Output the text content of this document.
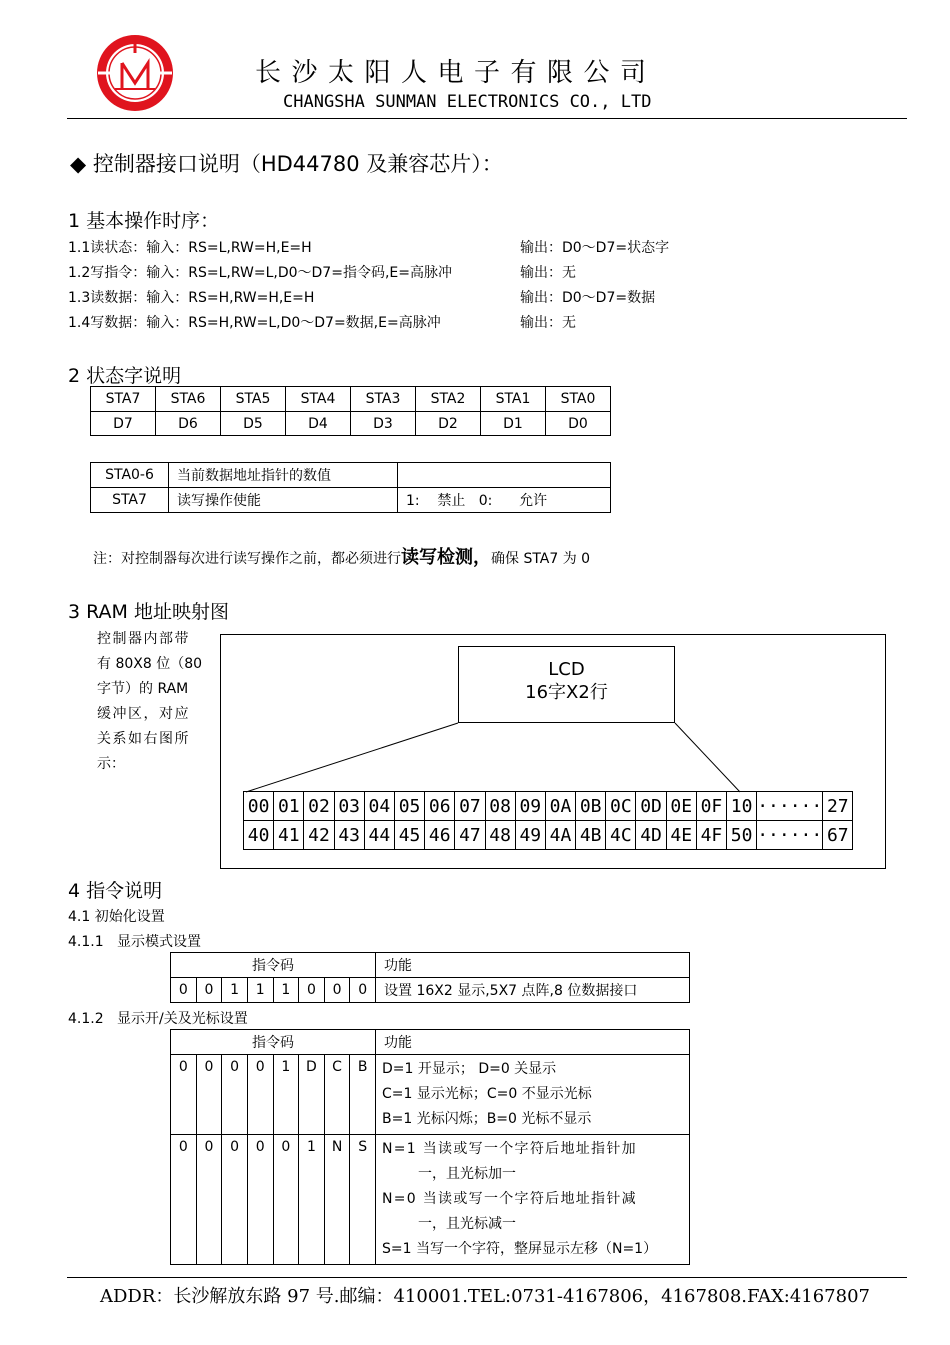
长沙太阳人电子有限公司
CHANGSHA SUNMAN ELECTRONICS CO., LTD
◆ 控制器接口说明（HD44780 及兼容芯片）：
1 基本操作时序：
1.1读状态：输入：RS=L,RW=H,E=H	输出：D0～D7=状态字
1.2写指令：输入：RS=L,RW=L,D0～D7=指令码,E=高脉冲	输出：无
1.3读数据：输入：RS=H,RW=H,E=H	输出：D0～D7=数据
1.4写数据：输入：RS=H,RW=L,D0～D7=数据,E=高脉冲	输出：无
2 状态字说明
STA7	STA6	STA5	STA4	STA3	STA2	STA1	STA0
D7	D6	D5	D4	D3	D2	D1	D0
STA0-6	当前数据地址指针的数值	
STA7	读写操作使能	1:    禁止   0:      允许
注：对控制器每次进行读写操作之前，都必须进行读写检测，确保 STA7 为 0
3 RAM 地址映射图
控制器内部带
有 80X8 位（80
字节）的 RAM
缓冲区，对应
关系如右图所
示：
LCD
16字X2行
00	01	02	03	04	05	06	07	08	09	0A	0B	0C	0D	0E	0F	10	······	27
40	41	42	43	44	45	46	47	48	49	4A	4B	4C	4D	4E	4F	50	······	67
4 指令说明
4.1 初始化设置
4.1.1   显示模式设置
指令码								功能
0	0	1	1	1	0	0	0	设置 16X2 显示,5X7 点阵,8 位数据接口
4.1.2   显示开/关及光标设置
指令码								功能
0	0	0	0	1	D	C	B	D=1 开显示； D=0 关显示
C=1 显示光标；C=0 不显示光标
B=1 光标闪烁；B=0 光标不显示

0	0	0	0	0	1	N	S	N=1 当读或写一个字符后地址指针加
一，且光标加一
N=0 当读或写一个字符后地址指针减
一，且光标减一
S=1 当写一个字符，整屏显示左移（N=1）
ADDR：长沙解放东路 97 号.邮编：410001.TEL:0731-4167806，4167808.FAX:4167807
